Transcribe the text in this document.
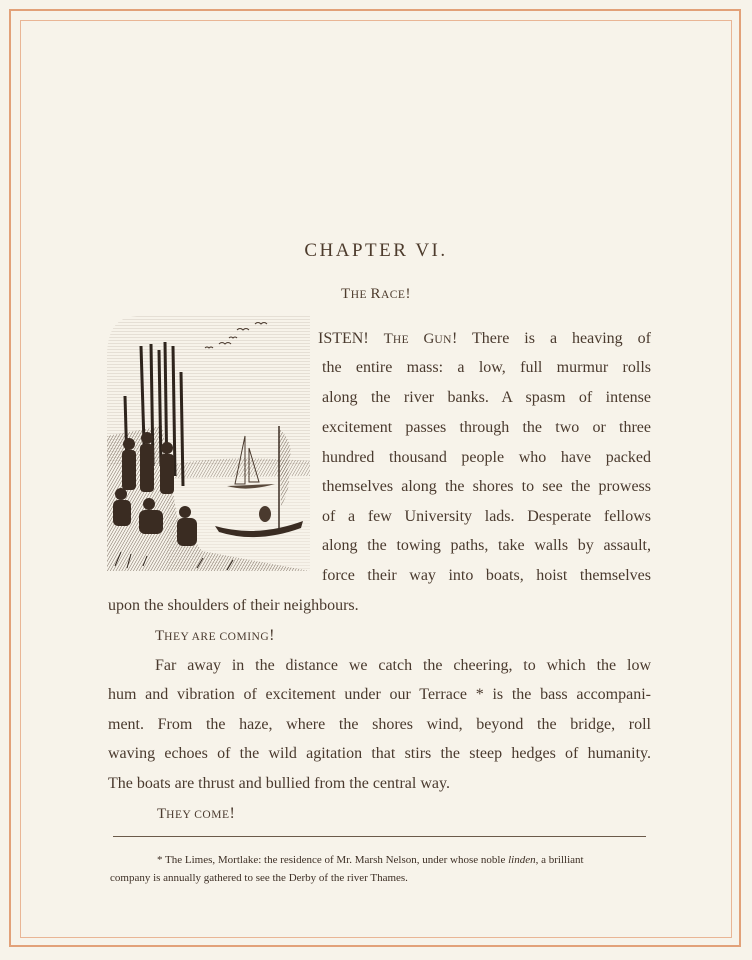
CHAPTER VI.
THE RACE!
ISTEN! THE GUN! There is a heaving of
the entire mass: a low, full murmur rolls
along the river banks. A spasm of intense
excitement passes through the two or three
hundred thousand people who have packed
themselves along the shores to see the prowess
of a few University lads. Desperate fellows
along the towing paths, take walls by assault,
force their way into boats, hoist themselves
upon the shoulders of their neighbours.
THEY ARE COMING!
Far away in the distance we catch the cheering, to which the low
hum and vibration of excitement under our Terrace * is the bass accompani-
ment. From the haze, where the shores wind, beyond the bridge, roll
waving echoes of the wild agitation that stirs the steep hedges of humanity.
The boats are thrust and bullied from the central way.
THEY COME!
* The Limes, Mortlake: the residence of Mr. Marsh Nelson, under whose noble linden, a brilliant
company is annually gathered to see the Derby of the river Thames.
